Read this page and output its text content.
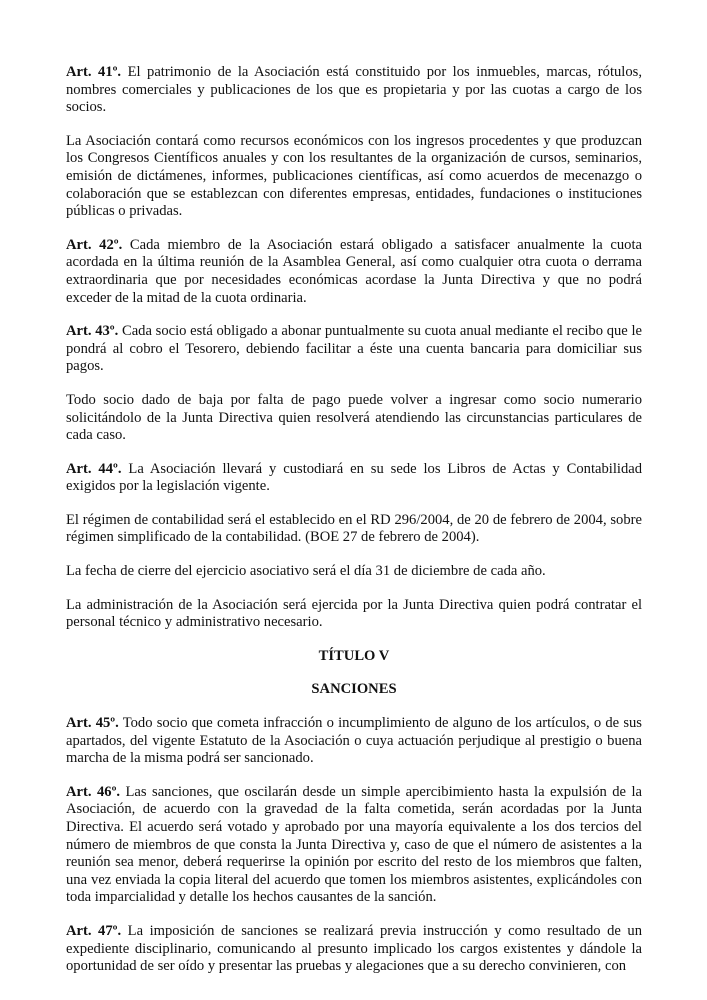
Art. 41º. El patrimonio de la Asociación está constituido por los inmuebles, marcas, rótulos, nombres comerciales y publicaciones de los que es propietaria y por las cuotas a cargo de los socios.

La Asociación contará como recursos económicos con los ingresos procedentes y que produzcan los Congresos Científicos anuales y con los resultantes de la organización de cursos, seminarios, emisión de dictámenes, informes, publicaciones científicas, así como acuerdos de mecenazgo o colaboración que se establezcan con diferentes empresas, entidades, fundaciones o instituciones públicas o privadas.

Art. 42º. Cada miembro de la Asociación estará obligado a satisfacer anualmente la cuota acordada en la última reunión de la Asamblea General, así como cualquier otra cuota o derrama extraordinaria que por necesidades económicas acordase la Junta Directiva y que no podrá exceder de la mitad de la cuota ordinaria.

Art. 43º. Cada socio está obligado a abonar puntualmente su cuota anual mediante el recibo que le pondrá al cobro el Tesorero, debiendo facilitar a éste una cuenta bancaria para domiciliar sus pagos.

Todo socio dado de baja por falta de pago puede volver a ingresar como socio numerario solicitándolo de la Junta Directiva quien resolverá atendiendo las circunstancias particulares de cada caso.

Art. 44º. La Asociación llevará y custodiará en su sede los Libros de Actas y Contabilidad exigidos por la legislación vigente.

El régimen de contabilidad será el establecido en el RD 296/2004, de 20 de febrero de 2004, sobre régimen simplificado de la contabilidad. (BOE 27 de febrero de 2004).

La fecha de cierre del ejercicio asociativo será el día 31 de diciembre de cada año.

La administración de la Asociación será ejercida por la Junta Directiva quien podrá contratar el personal técnico y administrativo necesario.

TÍTULO V

SANCIONES

Art. 45º. Todo socio que cometa infracción o incumplimiento de alguno de los artículos, o de sus apartados, del vigente Estatuto de la Asociación o cuya actuación perjudique al prestigio o buena marcha de la misma podrá ser sancionado.

Art. 46º. Las sanciones, que oscilarán desde un simple apercibimiento hasta la expulsión de la Asociación, de acuerdo con la gravedad de la falta cometida, serán acordadas por la Junta Directiva. El acuerdo será votado y aprobado por una mayoría equivalente a los dos tercios del número de miembros de que consta la Junta Directiva y, caso de que el número de asistentes a la reunión sea menor, deberá requerirse la opinión por escrito del resto de los miembros que falten, una vez enviada la copia literal del acuerdo que tomen los miembros asistentes, explicándoles con toda imparcialidad y detalle los hechos causantes de la sanción.

Art. 47º. La imposición de sanciones se realizará previa instrucción y como resultado de un expediente disciplinario, comunicando al presunto implicado los cargos existentes y dándole la oportunidad de ser oído y presentar las pruebas y alegaciones que a su derecho convinieren, con
